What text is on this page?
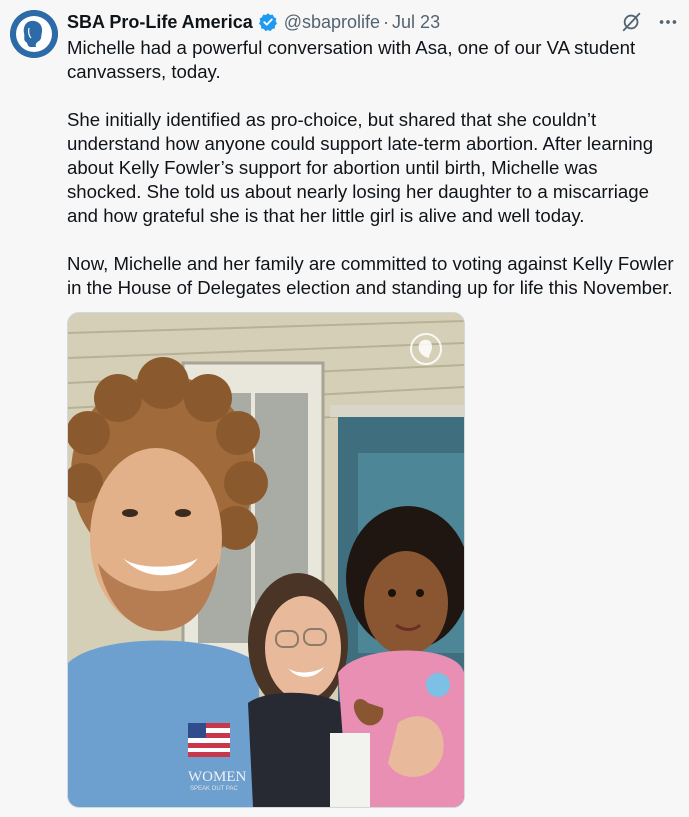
SBA Pro-Life America @sbaprolife · Jul 23

Michelle had a powerful conversation with Asa, one of our VA student canvassers, today.

She initially identified as pro-choice, but shared that she couldn’t understand how anyone could support late-term abortion. After learning about Kelly Fowler’s support for abortion until birth, Michelle was shocked. She told us about nearly losing her daughter to a miscarriage and how grateful she is that her little girl is alive and well today.

Now, Michelle and her family are committed to voting against Kelly Fowler in the House of Delegates election and standing up for life this November.

WOMEN
SPEAK OUT PAC
